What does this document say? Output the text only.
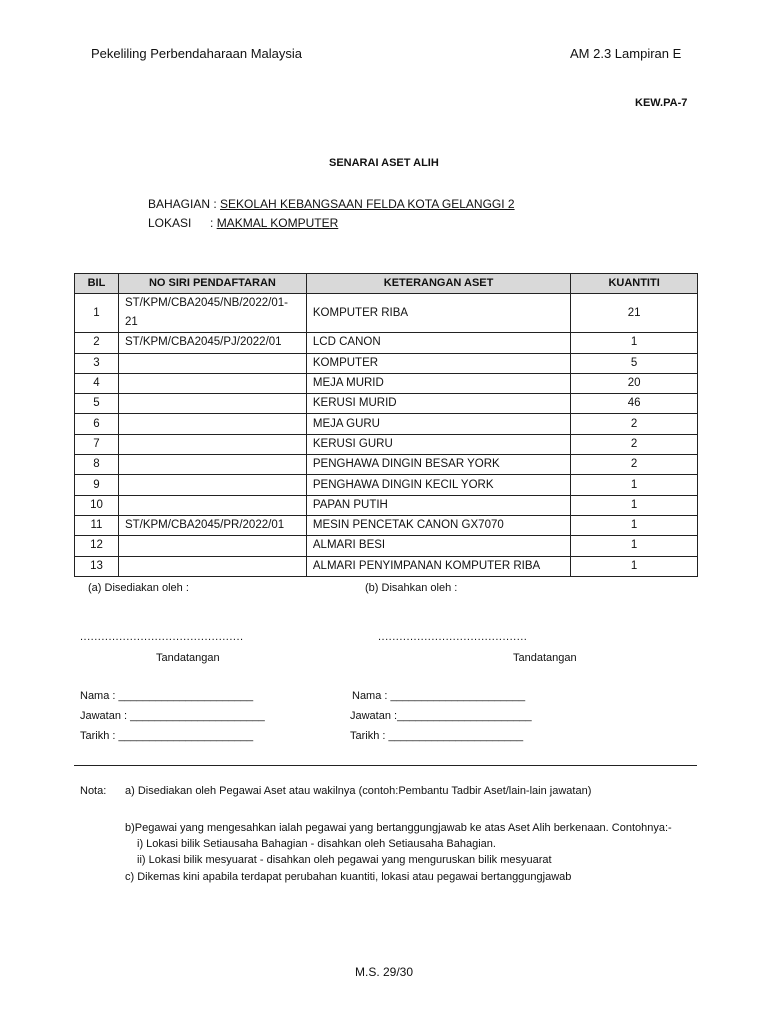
Pekeliling Perbendaharaan Malaysia	AM 2.3 Lampiran E
KEW.PA-7
SENARAI ASET ALIH
BAHAGIAN : SEKOLAH KEBANGSAAN FELDA KOTA GELANGGI 2
LOKASI : MAKMAL KOMPUTER
BIL	NO SIRI PENDAFTARAN	KETERANGAN ASET	KUANTITI
1	ST/KPM/CBA2045/NB/2022/01-21	KOMPUTER RIBA	21
2	ST/KPM/CBA2045/PJ/2022/01	LCD CANON	1
3		KOMPUTER	5
4		MEJA MURID	20
5		KERUSI MURID	46
6		MEJA GURU	2
7		KERUSI GURU	2
8		PENGHAWA DINGIN BESAR YORK	2
9		PENGHAWA DINGIN KECIL YORK	1
10		PAPAN PUTIH	1
11	ST/KPM/CBA2045/PR/2022/01	MESIN PENCETAK CANON GX7070	1
12		ALMARI BESI	1
13		ALMARI PENYIMPANAN KOMPUTER RIBA	1
(a) Disediakan oleh :	(b) Disahkan oleh :
..............................................	..........................................
Tandatangan	Tandatangan
Nama : ______________________
Jawatan : ______________________
Tarikh : ______________________
Nama : ______________________
Jawatan :______________________
Tarikh : ______________________
Nota: a) Disediakan oleh Pegawai Aset atau wakilnya (contoh:Pembantu Tadbir Aset/lain-lain jawatan)
b)Pegawai yang mengesahkan ialah pegawai yang bertanggungjawab ke atas Aset Alih berkenaan. Contohnya:-
i) Lokasi bilik Setiausaha Bahagian - disahkan oleh Setiausaha Bahagian.
ii) Lokasi bilik mesyuarat - disahkan oleh pegawai yang menguruskan bilik mesyuarat
c) Dikemas kini apabila terdapat perubahan kuantiti, lokasi atau pegawai bertanggungjawab
M.S. 29/30
